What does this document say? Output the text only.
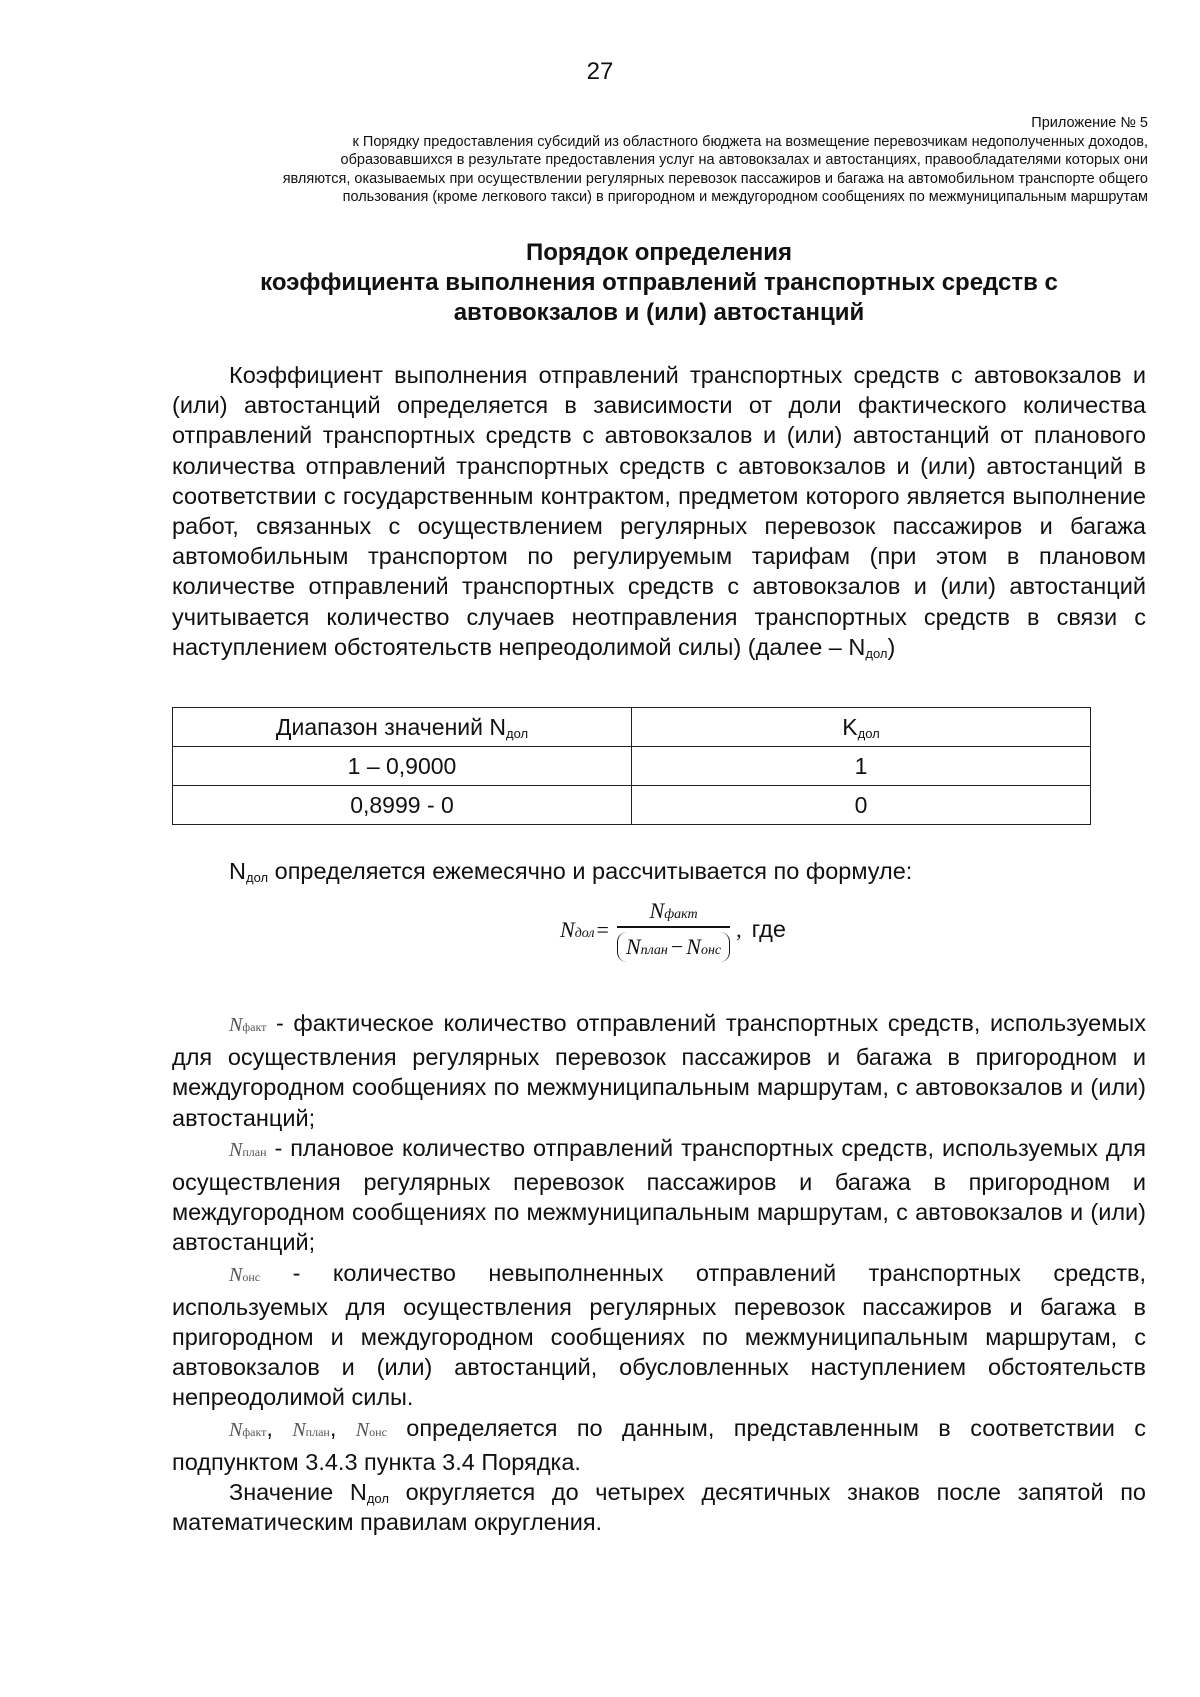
27
Приложение № 5
к Порядку предоставления субсидий из областного бюджета на возмещение перевозчикам недополученных доходов,
образовавшихся в результате предоставления услуг на автовокзалах и автостанциях, правообладателями которых они
являются, оказываемых при осуществлении регулярных перевозок пассажиров и багажа на автомобильном транспорте общего
пользования (кроме легкового такси) в пригородном и междугородном сообщениях по межмуниципальным маршрутам
Порядок определения
коэффициента выполнения отправлений транспортных средств с
автовокзалов и (или) автостанций

Коэффициент выполнения отправлений транспортных средств с автовокзалов и (или) автостанций определяется в зависимости от доли фактического количества отправлений транспортных средств с автовокзалов и (или) автостанций от планового количества отправлений транспортных средств с автовокзалов и (или) автостанций в соответствии с государственным контрактом, предметом которого является выполнение работ, связанных с осуществлением регулярных перевозок пассажиров и багажа автомобильным транспортом по регулируемым тарифам (при этом в плановом количестве отправлений транспортных средств с автовокзалов и (или) автостанций учитывается количество случаев неотправления транспортных средств в связи с наступлением обстоятельств непреодолимой силы) (далее – $N_{дол}$)

Диапазон значений $N_{дол}$	$K_{дол}$
1 – 0,9000	1
0,8999 - 0	0

$N_{дол}$ определяется ежемесячно и рассчитывается по формуле:

Nдол = $\frac{\text{Nфакт}}{\text{Nплан − Nонс}}$ , где

Nфакт - фактическое количество отправлений транспортных средств, используемых для осуществления регулярных перевозок пассажиров и багажа в пригородном и междугородном сообщениях по межмуниципальным маршрутам, с автовокзалов и (или) автостанций;

Nплан - плановое количество отправлений транспортных средств, используемых для осуществления регулярных перевозок пассажиров и багажа в пригородном и междугородном сообщениях по межмуниципальным маршрутам, с автовокзалов и (или) автостанций;

Nонс - количество невыполненных отправлений транспортных средств, используемых для осуществления регулярных перевозок пассажиров и багажа в пригородном и междугородном сообщениях по межмуниципальным маршрутам, с автовокзалов и (или) автостанций, обусловленных наступлением обстоятельств непреодолимой силы.

Nфакт, Nплан, Nонс определяется по данным, представленным в соответствии с подпунктом 3.4.3 пункта 3.4 Порядка.

Значение $N_{дол}$ округляется до четырех десятичных знаков после запятой по математическим правилам округления.
